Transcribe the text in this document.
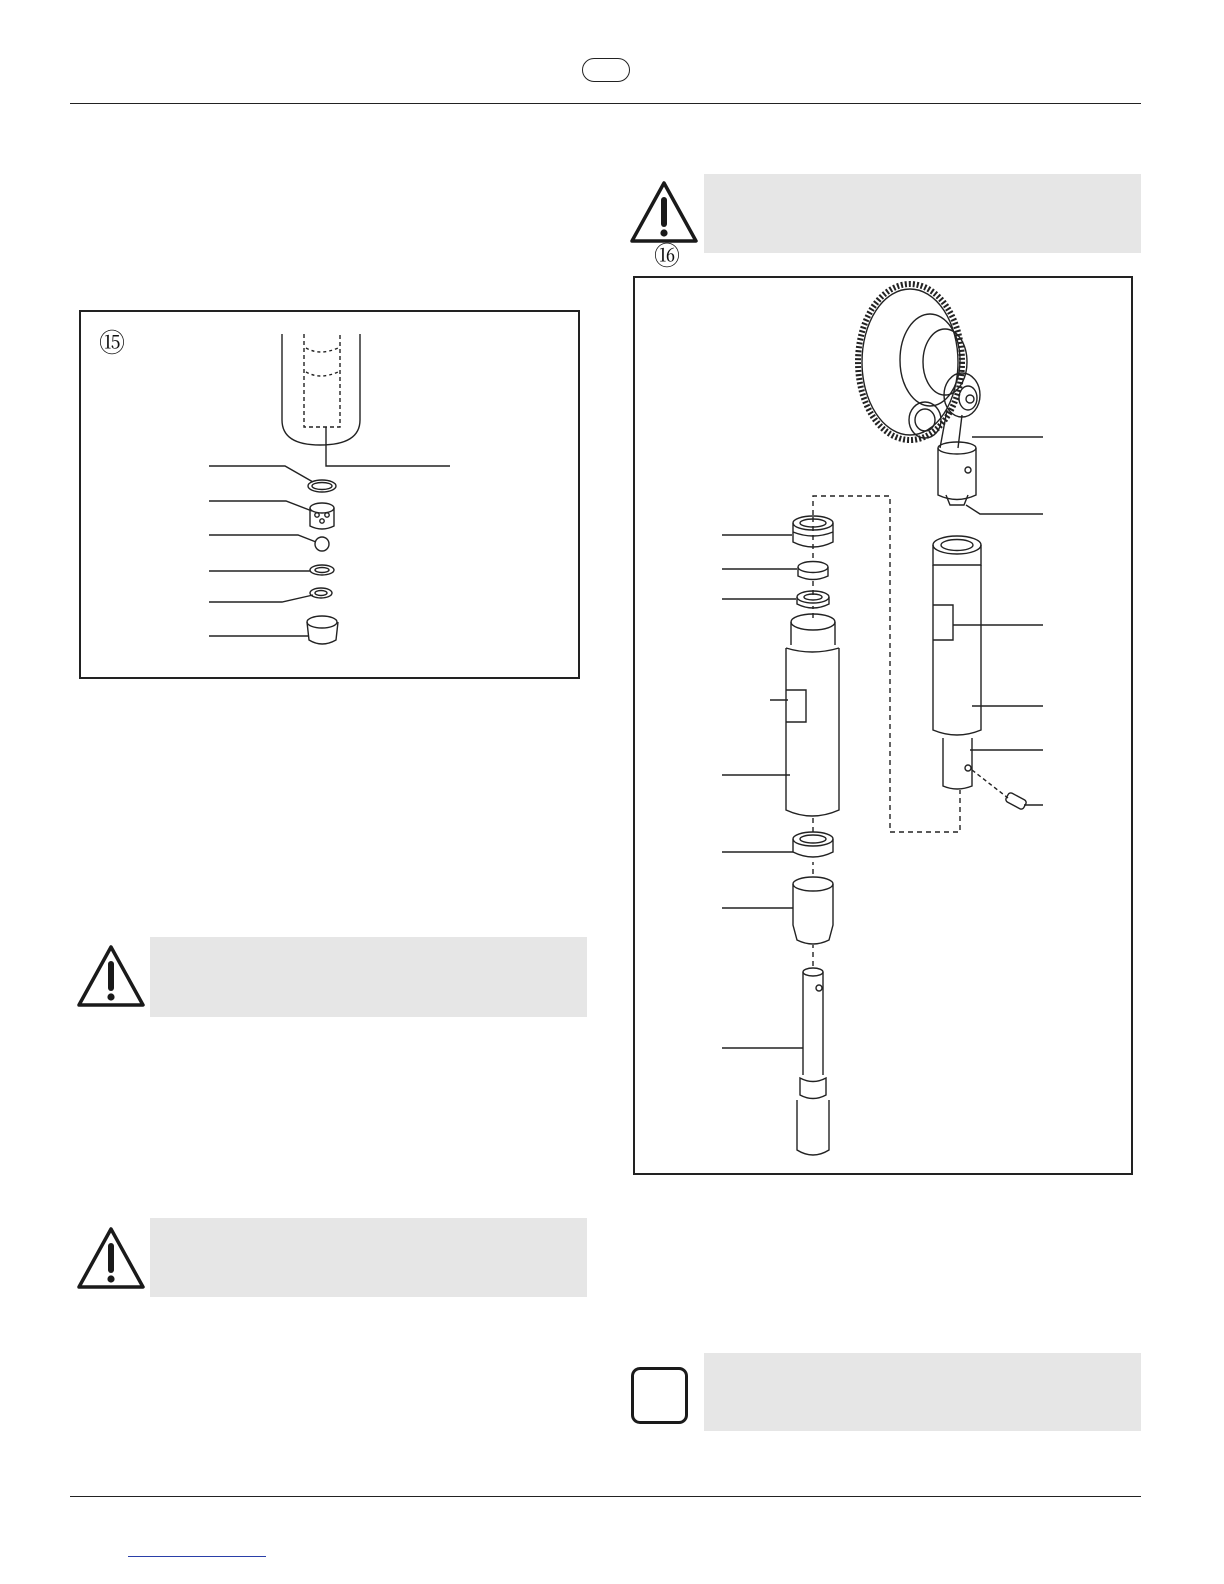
⑮
⑯
